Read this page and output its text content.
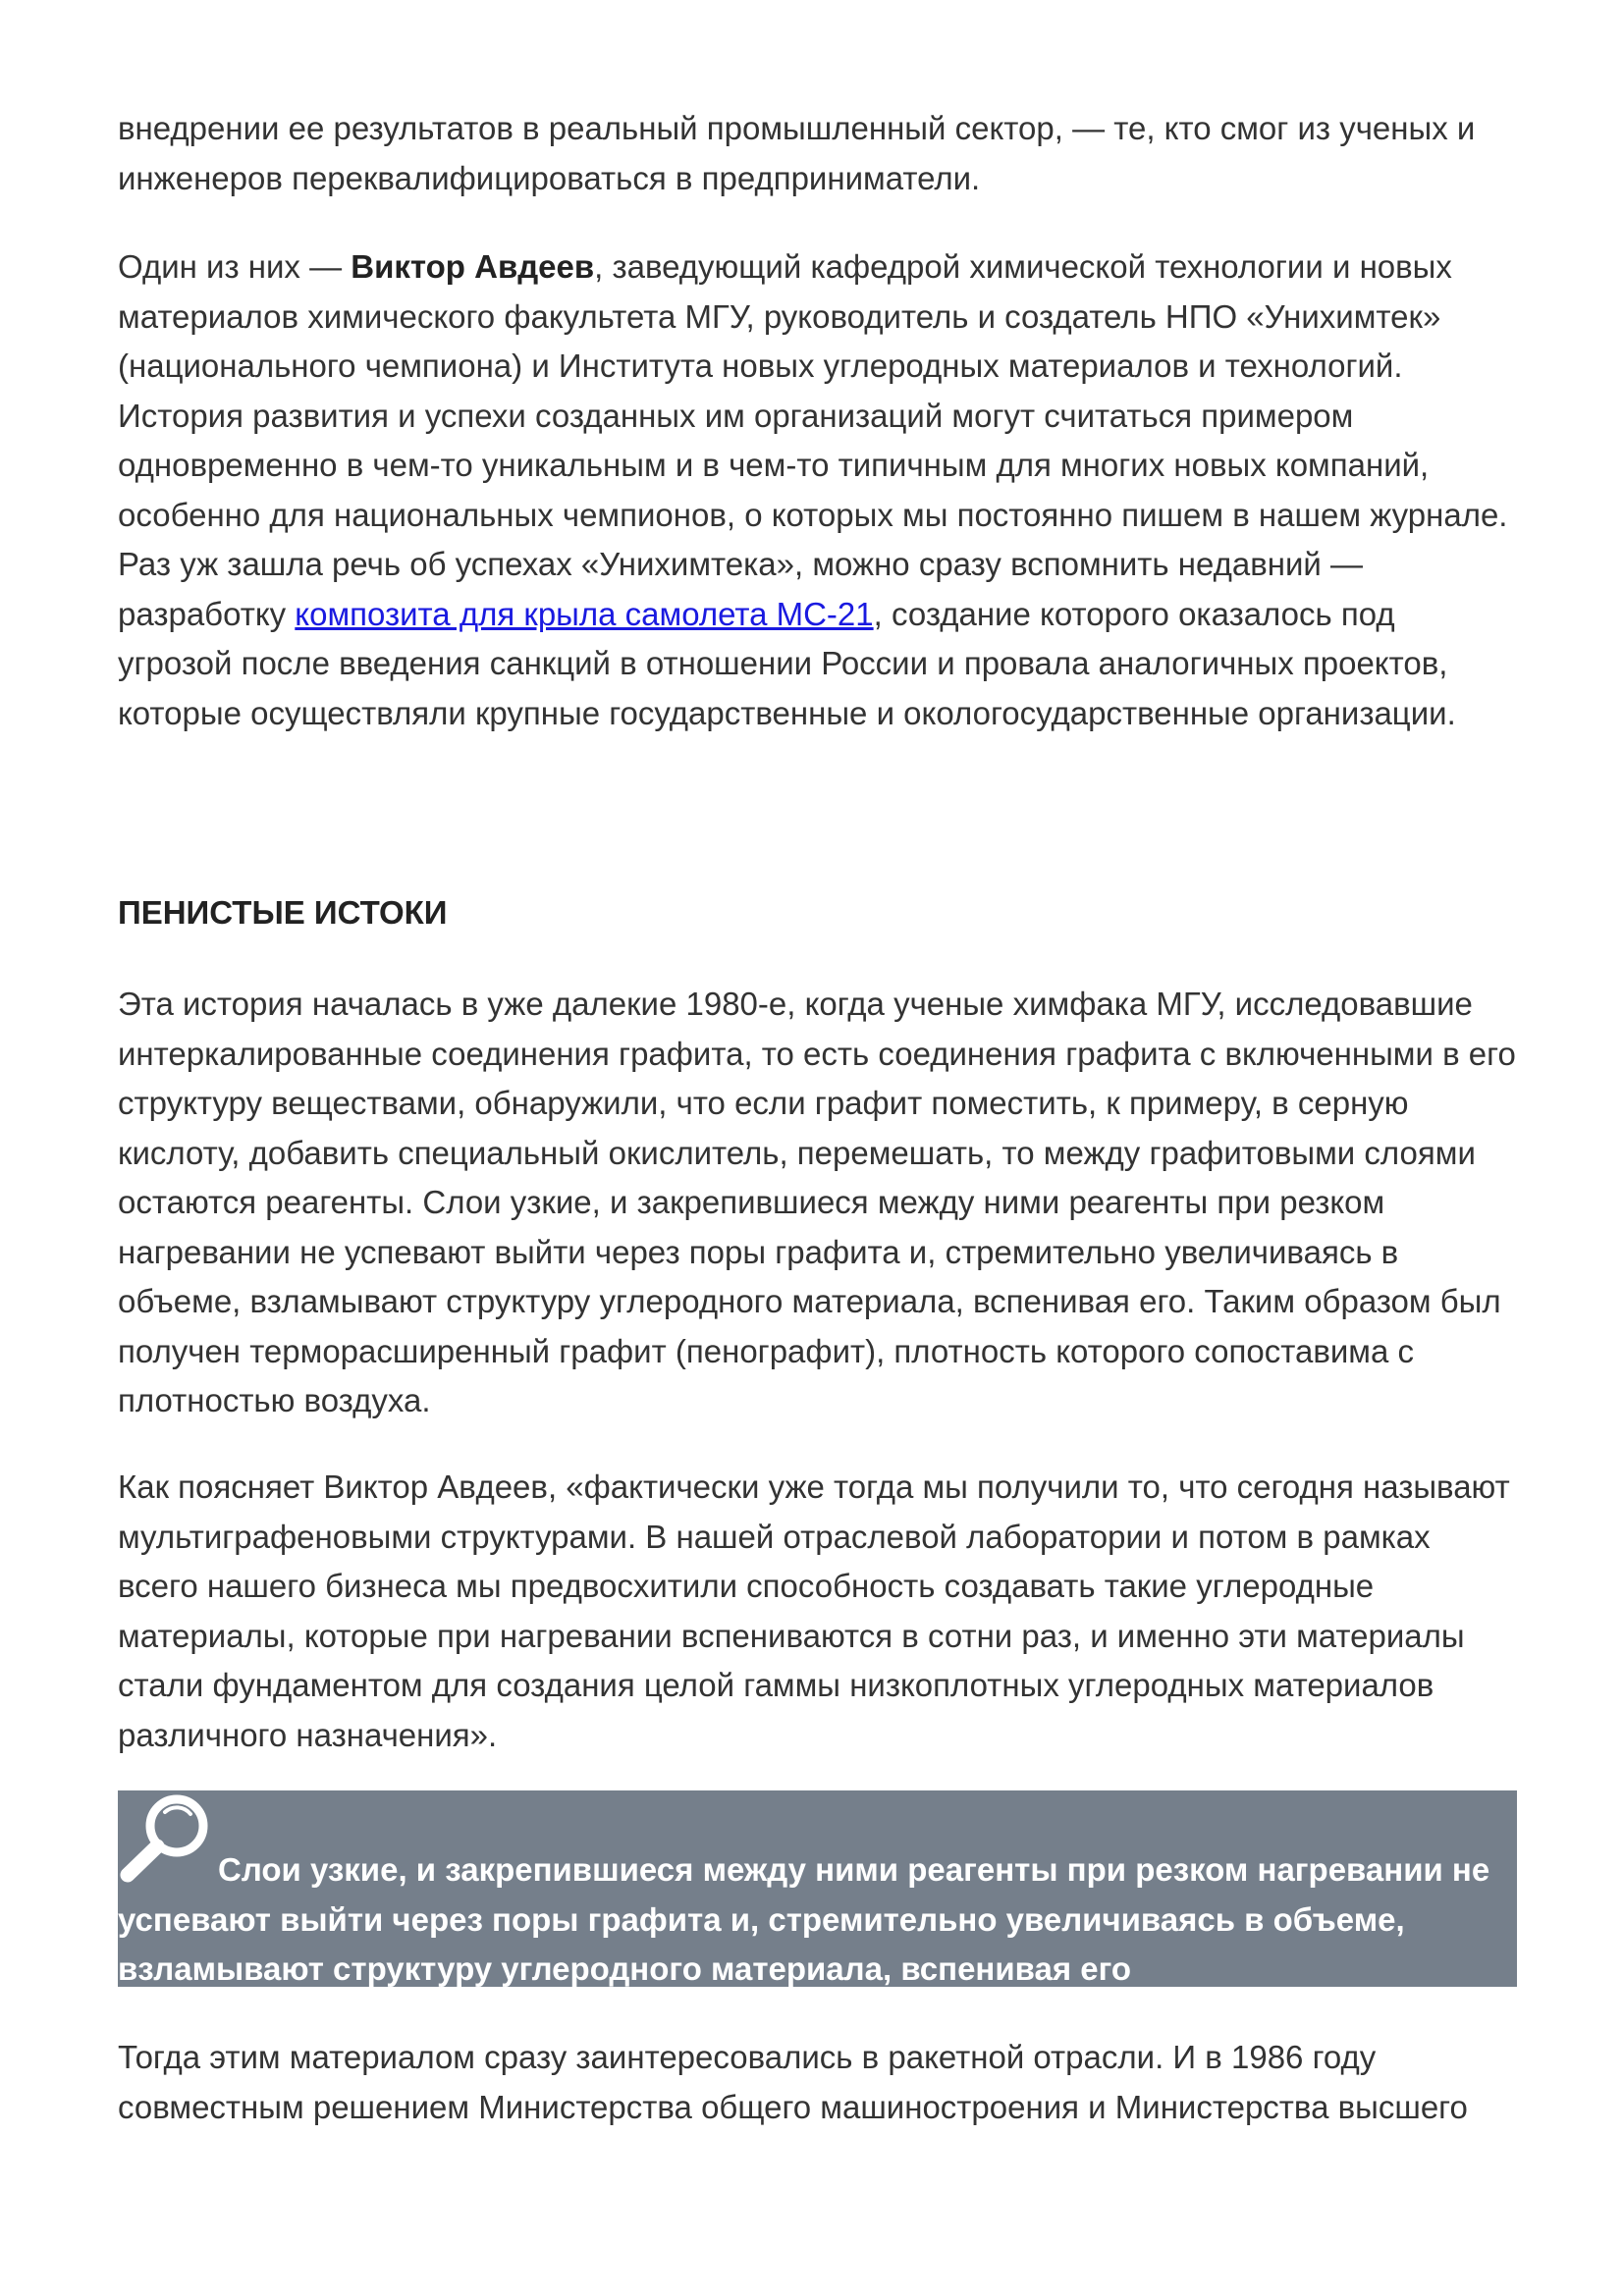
внедрении ее результатов в реальный промышленный сектор, — те, кто смог из ученых и инженеров переквалифицироваться в предприниматели.

Один из них — Виктор Авдеев, заведующий кафедрой химической технологии и новых материалов химического факультета МГУ, руководитель и создатель НПО «Унихимтек» (национального чемпиона) и Института новых углеродных материалов и технологий. История развития и успехи созданных им организаций могут считаться примером одновременно в чем-то уникальным и в чем-то типичным для многих новых компаний, особенно для национальных чемпионов, о которых мы постоянно пишем в нашем журнале. Раз уж зашла речь об успехах «Унихимтека», можно сразу вспомнить недавний — разработку композита для крыла самолета МС-21, создание которого оказалось под угрозой после введения санкций в отношении России и провала аналогичных проектов, которые осуществляли крупные государственные и окологосударственные организации.

ПЕНИСТЫЕ ИСТОКИ

Эта история началась в уже далекие 1980-е, когда ученые химфака МГУ, исследовавшие интеркалированные соединения графита, то есть соединения графита с включенными в его структуру веществами, обнаружили, что если графит поместить, к примеру, в серную кислоту, добавить специальный окислитель, перемешать, то между графитовыми слоями остаются реагенты. Слои узкие, и закрепившиеся между ними реагенты при резком нагревании не успевают выйти через поры графита и, стремительно увеличиваясь в объеме, взламывают структуру углеродного материала, вспенивая его. Таким образом был получен терморасширенный графит (пенографит), плотность которого сопоставима с плотностью воздуха.

Как поясняет Виктор Авдеев, «фактически уже тогда мы получили то, что сегодня называют мультиграфеновыми структурами. В нашей отраслевой лаборатории и потом в рамках всего нашего бизнеса мы предвосхитили способность создавать такие углеродные материалы, которые при нагревании вспениваются в сотни раз, и именно эти материалы стали фундаментом для создания целой гаммы низкоплотных углеродных материалов различного назначения».

Слои узкие, и закрепившиеся между ними реагенты при резком нагревании не успевают выйти через поры графита и, стремительно увеличиваясь в объеме, взламывают структуру углеродного материала, вспенивая его

Тогда этим материалом сразу заинтересовались в ракетной отрасли. И в 1986 году совместным решением Министерства общего машиностроения и Министерства высшего
